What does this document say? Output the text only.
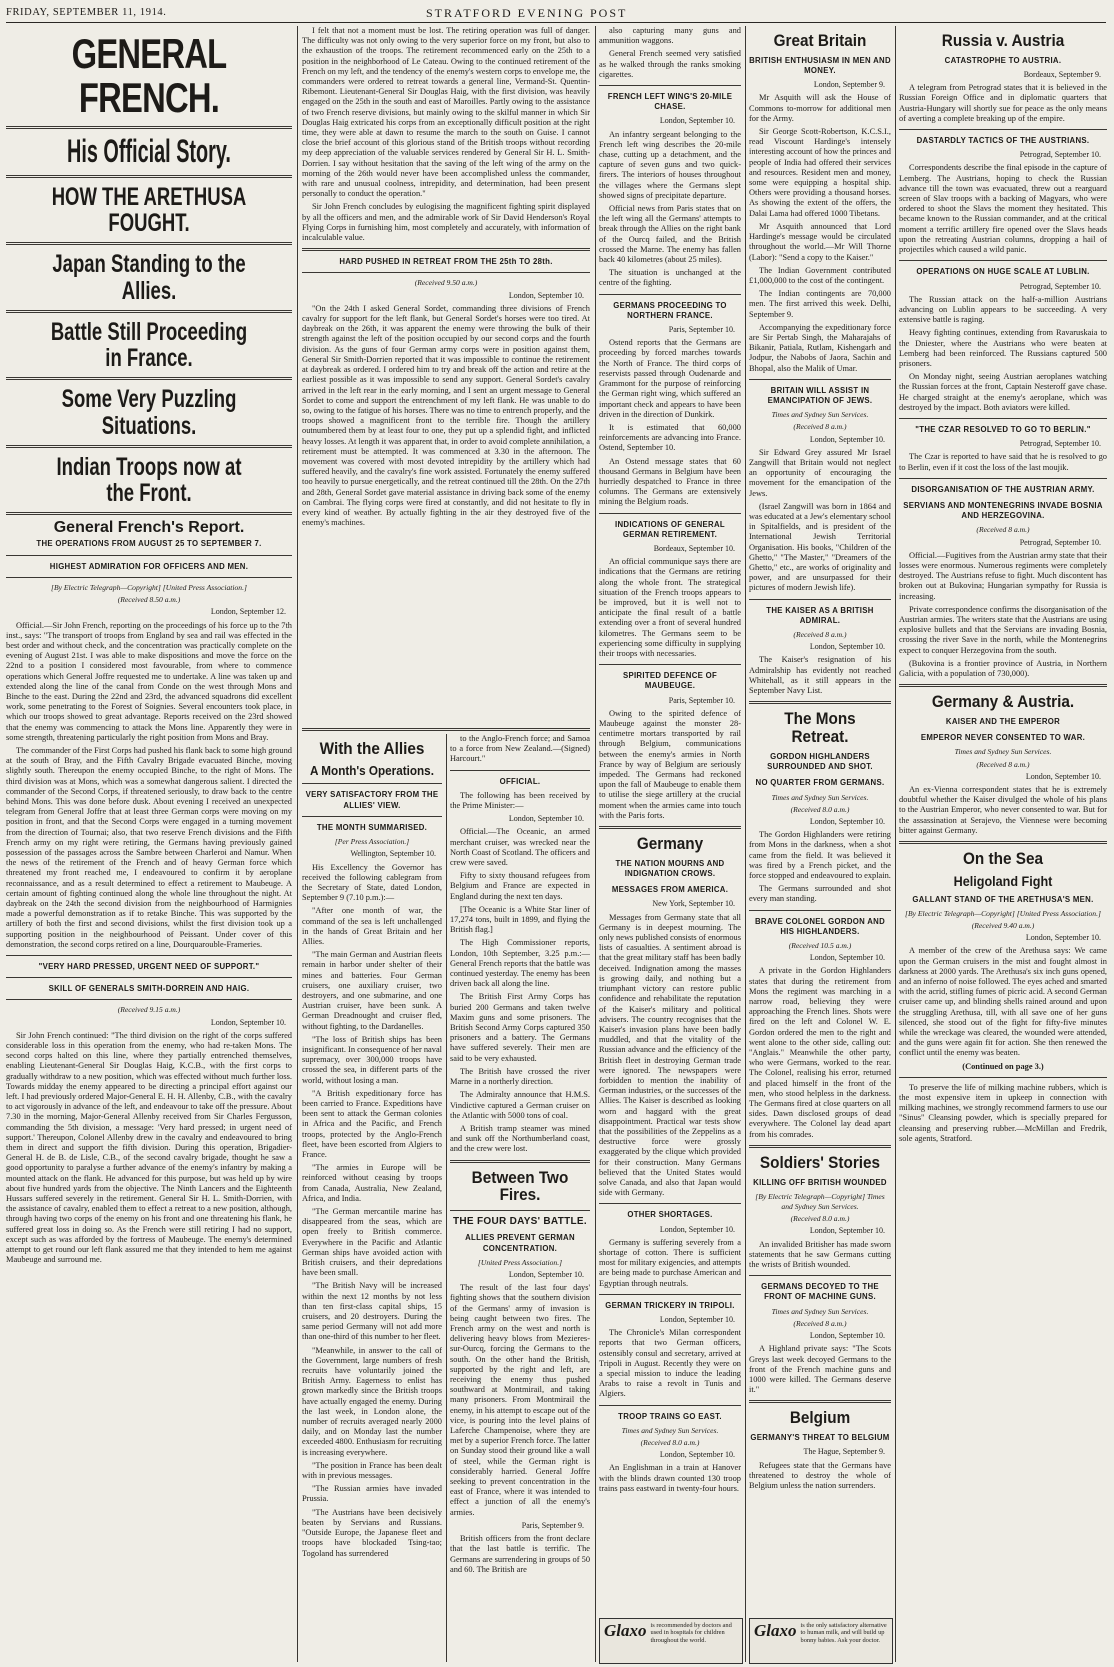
FRIDAY, SEPTEMBER 11, 1914.	STRATFORD EVENING POST
GENERAL FRENCH.
His Official Story.
HOW THE ARETHUSA FOUGHT.
Japan Standing to the Allies.
Battle Still Proceeding in France.
Some Very Puzzling Situations.
Indian Troops now at the Front.
General French's Report.
THE OPERATIONS FROM AUGUST 25 TO SEPTEMBER 7.
HIGHEST ADMIRATION FOR OFFICERS AND MEN.
[By Electric Telegraph—Copyright] [United Press Association.]
(Received 8.50 a.m.)
London, September 12.

Official.—Sir John French, reporting on the proceedings of his force up to the 7th inst., says: "The transport of troops from England by sea and rail was effected in the best order and without check, and the concentration was practically complete on the evening of August 21st. I was able to make dispositions and move the force on the 22nd to a position I considered most favourable, from where to commence operations which General Joffre requested me to undertake. A line was taken up and extended along the line of the canal from Conde on the west through Mons and Binche to the east. During the 22nd and 23rd, the advanced squadrons did excellent work, some penetrating to the Forest of Soignies. Several encounters took place, in which our troops showed to great advantage. Reports received on the 23rd showed that the enemy was commencing to attack the Mons line. Apparently they were in some strength, threatening particularly the right position from Mons and Bray.

The commander of the First Corps had pushed his flank back to some high ground at the south of Bray, and the Fifth Cavalry Brigade evacuated Binche, moving slightly south. Thereupon the enemy occupied Binche, to the right of Mons. The third division was at Mons, which was a somewhat dangerous salient. I directed the commander of the Second Corps, if threatened seriously, to draw back to the centre behind Mons. This was done before dusk. About evening I received an unexpected telegram from General Joffre that at least three German corps were moving on my position in front, and that the Second Corps were engaged in a turning movement from the direction of Tournai; also, that two reserve French divisions and the Fifth French army on my right were retiring, the Germans having previously gained possession of the passages across the Sambre between Charleroi and Namur. When the news of the retirement of the French and of heavy German force which threatened my front reached me, I endeavoured to confirm it by aeroplane reconnaissance, and as a result determined to effect a retirement to Maubeuge. A certain amount of fighting continued along the whole line throughout the night. At daybreak on the 24th the second division from the neighbourhood of Harmignies made a powerful demonstration as if to retake Binche. This was supported by the artillery of both the first and second divisions, whilst the first division took up a supporting position in the neighbourhood of Peissant. Under cover of this demonstration, the second corps retired on a line, Dourquarouble-Frameries.

"VERY HARD PRESSED, URGENT NEED OF SUPPORT."
SKILL OF GENERALS SMITH-DORREIN AND HAIG.
(Received 9.15 a.m.)
London, September 10.

Sir John French continued: "The third division on the right of the corps suffered considerable loss in this operation from the enemy, who had re-taken Mons. The second corps halted on this line, where they partially entrenched themselves, enabling Lieutenant-General Sir Douglas Haig, K.C.B., with the first corps to gradually withdraw to a new position, which was effected without much further loss. Towards midday the enemy appeared to be directing a principal effort against our left. I had previously ordered Major-General E. H. H. Allenby, C.B., with the cavalry to act vigorously in advance of the left, and endeavour to take off the pressure. About 7.30 in the morning, Major-General Allenby received from Sir Charles Fergusson, commanding the 5th division, a message: 'Very hard pressed; in urgent need of support.' Thereupon, Colonel Allenby drew in the cavalry and endeavoured to bring them in direct and support the fifth division. During this operation, Brigadier-General H. de B. de Lisle, C.B., of the second cavalry brigade, thought he saw a good opportunity to paralyse a further advance of the enemy's infantry by making a mounted attack on the flank. He advanced for this purpose, but was held up by wire about five hundred yards from the objective. The Ninth Lancers and the Eighteenth Hussars suffered severely in the retirement. General Sir H. L. Smith-Dorrien, with the assistance of cavalry, enabled them to effect a retreat to a new position, although, through having two corps of the enemy on his front and one threatening his flank, he suffered great loss in doing so. As the French were still retiring I had no support, except such as was afforded by the fortress of Maubeuge. The enemy's determined attempt to get round our left flank assured me that they intended to hem me against Maubeuge and surround me.

I felt that not a moment must be lost. The retiring operation was full of danger. The difficulty was not only owing to the very superior force on my front, but also to the exhaustion of the troops. The retirement recommenced early on the 25th to a position in the neighborhood of Le Cateau. Owing to the continued retirement of the French on my left, and the tendency of the enemy's western corps to envelope me, the commanders were ordered to retreat towards a general line, Vermand-St. Quentin-Ribemont. Lieutenant-General Sir Douglas Haig, with the first division, was heavily engaged on the 25th in the south and east of Maroilles. Partly owing to the assistance of two French reserve divisions, but mainly owing to the skilful manner in which Sir Douglas Haig extricated his corps from an exceptionally difficult position at the right time, they were able at dawn to resume the march to the south on Guise. I cannot close the brief account of this glorious stand of the British troops without recording my deep appreciation of the valuable services rendered by General Sir H. L. Smith-Dorrien. I say without hesitation that the saving of the left wing of the army on the morning of the 26th would never have been accomplished unless the commander, with rare and unusual coolness, intrepidity, and determination, had been present personally to conduct the operation."

Sir John French concludes by eulogising the magnificent fighting spirit displayed by all the officers and men, and the admirable work of Sir David Henderson's Royal Flying Corps in furnishing him, most completely and accurately, with information of incalculable value.

HARD PUSHED IN RETREAT FROM THE 25th TO 28th.
(Received 9.50 a.m.)
London, September 10.

"On the 24th I asked General Sordet, commanding three divisions of French cavalry for support for the left flank, but General Sordet's horses were too tired. At daybreak on the 26th, it was apparent the enemy were throwing the bulk of their strength against the left of the position occupied by our second corps and the fourth division. As the guns of four German army corps were in position against them, General Sir Smith-Dorrien reported that it was impossible to continue the retirement at daybreak as ordered. I ordered him to try and break off the action and retire at the earliest possible as it was impossible to send any support. General Sordet's cavalry arrived in the left rear in the early morning, and I sent an urgent message to General Sordet to come and support the entrenchment of my left flank. He was unable to do so, owing to the fatigue of his horses. There was no time to entrench properly, and the troops showed a magnificent front to the terrible fire. Though the artillery outnumbered them by at least four to one, they put up a splendid fight, and inflicted heavy losses. At length it was apparent that, in order to avoid complete annihilation, a retirement must be attempted. It was commenced at 3.30 in the afternoon. The movement was covered with most devoted intrepidity by the artillery which had suffered heavily, and the cavalry's fine work assisted. Fortunately the enemy suffered too heavily to pursue energetically, and the retreat continued till the 28th. On the 27th and 28th, General Sordet gave material assistance in driving back some of the enemy on Cambrai. The flying corps were fired at constantly, and did not hesitate to fly in every kind of weather. By actually fighting in the air they destroyed five of the enemy's machines.

With the Allies
A Month's Operations.
VERY SATISFACTORY FROM THE ALLIES' VIEW.
THE MONTH SUMMARISED.
[Per Press Association.]
Wellington, September 10.

His Excellency the Governor has received the following cablegram from the Secretary of State, dated London, September 9 (7.10 p.m.):—

"After one month of war, the command of the sea is left unchallenged in the hands of Great Britain and her Allies.

"The main German and Austrian fleets remain in harbor under shelter of their mines and batteries. Four German cruisers, one auxiliary cruiser, two destroyers, and one submarine, and one Austrian cruiser, have been sunk. A German Dreadnought and cruiser fled, without fighting, to the Dardanelles.

"The loss of British ships has been insignificant. In consequence of her naval supremacy, over 300,000 troops have crossed the sea, in different parts of the world, without losing a man.

"A British expeditionary force has been carried to France. Expeditions have been sent to attack the German colonies in Africa and the Pacific, and French troops, protected by the Anglo-French fleet, have been escorted from Algiers to France.

"The armies in Europe will be reinforced without ceasing by troops from Canada, Australia, New Zealand, Africa, and India.

"The German mercantile marine has disappeared from the seas, which are open freely to British commerce. Everywhere in the Pacific and Atlantic German ships have avoided action with British cruisers, and their depredations have been small.

"The British Navy will be increased within the next 12 months by not less than ten first-class capital ships, 15 cruisers, and 20 destroyers. During the same period Germany will not add more than one-third of this number to her fleet.

"Meanwhile, in answer to the call of the Government, large numbers of fresh recruits have voluntarily joined the British Army. Eagerness to enlist has grown markedly since the British troops have actually engaged the enemy. During the last week, in London alone, the number of recruits averaged nearly 2000 daily, and on Monday last the number exceeded 4800. Enthusiasm for recruiting is increasing everywhere.

"The position in France has been dealt with in previous messages.

"The Russian armies have invaded Prussia.

"The Austrians have been decisively beaten by Servians and Russians. "Outside Europe, the Japanese fleet and troops have blockaded Tsing-tao; Togoland has surrendered

to the Anglo-French force; and Samoa to a force from New Zealand.—(Signed) Harcourt."

OFFICIAL.

The following has been received by the Prime Minister:—

London, September 10.

Official.—The Oceanic, an armed merchant cruiser, was wrecked near the North Coast of Scotland. The officers and crew were saved.

Fifty to sixty thousand refugees from Belgium and France are expected in England during the next ten days.

[The Oceanic is a White Star liner of 17,274 tons, built in 1899, and flying the British flag.]

The High Commissioner reports, London, 10th September, 3.25 p.m.:— General French reports that the battle was continued yesterday. The enemy has been driven back all along the line.

The British First Army Corps has buried 200 Germans and taken twelve Maxim guns and some prisoners. The British Second Army Corps captured 350 prisoners and a battery. The Germans have suffered severely. Their men are said to be very exhausted.

The British have crossed the river Marne in a northerly direction.

The Admiralty announce that H.M.S. Vindictive captured a German cruiser on the Atlantic with 5000 tons of coal.

A British tramp steamer was mined and sunk off the Northumberland coast, and the crew were lost.

Between Two Fires.
THE FOUR DAYS' BATTLE.
ALLIES PREVENT GERMAN CONCENTRATION.
[United Press Association.]
London, September 10.

The result of the last four days' fighting shows that the southern division of the Germans' army of invasion is being caught between two fires. The French army on the west and north is delivering heavy blows from Mezieres-sur-Ourcq, forcing the Germans to the south. On the other hand the British, supported by the right and left, are receiving the enemy thus pushed southward at Montmirail, and taking many prisoners. From Montmirail the enemy, in his attempt to escape out of the vice, is pouring into the level plains of Laferche Champenoise, where they are met by a superior French force. The latter on Sunday stood their ground like a wall of steel, while the German right is considerably harried. General Joffre seeking to prevent concentration in the east of France, where it was intended to effect a junction of all the enemy's armies.

Paris, September 9.

British officers from the front declare that the last battle is terrific. The Germans are surrendering in groups of 50 and 60. The British are

also capturing many guns and ammunition waggons.

General French seemed very satisfied as he walked through the ranks smoking cigarettes.

FRENCH LEFT WING'S 20-MILE CHASE.
London, September 10.

An infantry sergeant belonging to the French left wing describes the 20-mile chase, cutting up a detachment, and the capture of seven guns and two quick-firers. The interiors of houses throughout the villages where the Germans slept showed signs of precipitate departure.

Official news from Paris states that on the left wing all the Germans' attempts to break through the Allies on the right bank of the Ourcq failed, and the British crossed the Marne. The enemy has fallen back 40 kilometres (about 25 miles).

The situation is unchanged at the centre of the fighting.

GERMANS PROCEEDING TO NORTHERN FRANCE.
Paris, September 10.

Ostend reports that the Germans are proceeding by forced marches towards the North of France. The third corps of reservists passed through Oudenarde and Grammont for the purpose of reinforcing the German right wing, which suffered an important check and appears to have been driven in the direction of Dunkirk.

It is estimated that 60,000 reinforcements are advancing into France. Ostend, September 10.

An Ostend message states that 60 thousand Germans in Belgium have been hurriedly despatched to France in three columns. The Germans are extensively mining the Belgium roads.

INDICATIONS OF GENERAL GERMAN RETIREMENT.
Bordeaux, September 10.

An official communique says there are indications that the Germans are retiring along the whole front. The strategical situation of the French troops appears to be improved, but it is well not to anticipate the final result of a battle extending over a front of several hundred kilometres. The Germans seem to be experiencing some difficulty in supplying their troops with necessaries.

SPIRITED DEFENCE OF MAUBEUGE.
Paris, September 10.

Owing to the spirited defence of Maubeuge against the monster 28-centimetre mortars transported by rail through Belgium, communications between the enemy's armies in North France by way of Belgium are seriously impeded. The Germans had reckoned upon the fall of Maubeuge to enable them to utilise the siege artillery at the crucial moment when the armies came into touch with the Paris forts.

Germany
THE NATION MOURNS AND INDIGNATION CROWS.
MESSAGES FROM AMERICA.
New York, September 10.

Messages from Germany state that all Germany is in deepest mourning. The only news published consists of enormous lists of casualties. A sentiment abroad is that the great military staff has been badly deceived. Indignation among the masses is growing daily, and nothing but a triumphant victory can restore public confidence and rehabilitate the reputation of the Kaiser's military and political advisers. The country recognises that the Kaiser's invasion plans have been badly muddled, and that the vitality of the Russian advance and the efficiency of the British fleet in destroying German trade were ignored. The newspapers were forbidden to mention the inability of German industries, or the successes of the Allies. The Kaiser is described as looking worn and haggard with the great disappointment. Practical war tests show that the possibilities of the Zeppelins as a destructive force were grossly exaggerated by the clique which provided for their construction. Many Germans believed that the United States would solve Canada, and also that Japan would side with Germany.

OTHER SHORTAGES.
London, September 10.

Germany is suffering severely from a shortage of cotton. There is sufficient most for military exigencies, and attempts are being made to purchase American and Egyptian through neutrals.

GERMAN TRICKERY IN TRIPOLI.
London, September 10.

The Chronicle's Milan correspondent reports that two German officers, ostensibly consul and secretary, arrived at Tripoli in August. Recently they were on a special mission to induce the leading Arabs to raise a revolt in Tunis and Algiers.

TROOP TRAINS GO EAST.
Times and Sydney Sun Services.
(Received 8.0 a.m.)
London, September 10.

An Englishman in a train at Hanover with the blinds drawn counted 130 troop trains pass eastward in twenty-four hours.

Great Britain
BRITISH ENTHUSIASM IN MEN AND MONEY.
London, September 9.

Mr Asquith will ask the House of Commons to-morrow for additional men for the Army.

Sir George Scott-Robertson, K.C.S.I., read Viscount Hardinge's intensely interesting account of how the princes and people of India had offered their services and resources. Resident men and money, some were equipping a hospital ship. Others were providing a thousand horses. As showing the extent of the offers, the Dalai Lama had offered 1000 Tibetans.

Mr Asquith announced that Lord Hardinge's message would be circulated throughout the world.—Mr Will Thorne (Labor): "Send a copy to the Kaiser."

The Indian Government contributed £1,000,000 to the cost of the contingent.

The Indian contingents are 70,000 men. The first arrived this week. Delhi, September 9.

Accompanying the expeditionary force are Sir Pertab Singh, the Maharajahs of Bikanir, Patiala, Rutlam, Kishengarh and Jodpur, the Nabobs of Jaora, Sachin and Bhopal, also the Malik of Umar.

BRITAIN WILL ASSIST IN EMANCIPATION OF JEWS.
Times and Sydney Sun Services.
(Received 8 a.m.)
London, September 10.

Sir Edward Grey assured Mr Israel Zangwill that Britain would not neglect an opportunity of encouraging the movement for the emancipation of the Jews.

(Israel Zangwill was born in 1864 and was educated at a Jew's elementary school in Spitalfields, and is president of the International Jewish Territorial Organisation. His books, "Children of the Ghetto," "The Master," "Dreamers of the Ghetto," etc., are works of originality and power, and are unsurpassed for their pictures of modern Jewish life).

THE KAISER AS A BRITISH ADMIRAL.
(Received 8 a.m.)
London, September 10.

The Kaiser's resignation of his Admiralship has evidently not reached Whitehall, as it still appears in the September Navy List.

The Mons Retreat.
GORDON HIGHLANDERS SURROUNDED AND SHOT.
NO QUARTER FROM GERMANS.
Times and Sydney Sun Services.
(Received 8.0 a.m.)
London, September 10.

The Gordon Highlanders were retiring from Mons in the darkness, when a shot came from the field. It was believed it was fired by a French picket, and the force stopped and endeavoured to explain.

The Germans surrounded and shot every man standing.

BRAVE COLONEL GORDON AND HIS HIGHLANDERS.
(Received 10.5 a.m.)
London, September 10.

A private in the Gordon Highlanders states that during the retirement from Mons the regiment was marching in a narrow road, believing they were approaching the French lines. Shots were fired on the left and Colonel W. E. Gordon ordered the men to the right and went alone to the other side, calling out: "Anglais." Meanwhile the other party, who were Germans, worked to the rear. The Colonel, realising his error, returned and placed himself in the front of the men, who stood helpless in the darkness. The Germans fired at close quarters on all sides. Dawn disclosed groups of dead everywhere. The Colonel lay dead apart from his comrades.

Soldiers' Stories
KILLING OFF BRITISH WOUNDED
[By Electric Telegraph—Copyright] Times and Sydney Sun Services.
(Received 8.0 a.m.)
London, September 10.

An invalided Britisher has made sworn statements that he saw Germans cutting the wrists of British wounded.

GERMANS DECOYED TO THE FRONT OF MACHINE GUNS.
Times and Sydney Sun Services.
(Received 8 a.m.)
London, September 10.

A Highland private says: "The Scots Greys last week decoyed Germans to the front of the French machine guns and 1000 were killed. The Germans deserve it."

Belgium
GERMANY'S THREAT TO BELGIUM
The Hague, September 9.

Refugees state that the Germans have threatened to destroy the whole of Belgium unless the nation surrenders.

Russia v. Austria
CATASTROPHE TO AUSTRIA.
Bordeaux, September 9.

A telegram from Petrograd states that it is believed in the Russian Foreign Office and in diplomatic quarters that Austria-Hungary will shortly sue for peace as the only means of averting a complete breaking up of the empire.

DASTARDLY TACTICS OF THE AUSTRIANS.
Petrograd, September 10.

Correspondents describe the final episode in the capture of Lemberg. The Austrians, hoping to check the Russian advance till the town was evacuated, threw out a rearguard screen of Slav troops with a backing of Magyars, who were ordered to shoot the Slavs the moment they hesitated. This became known to the Russian commander, and at the critical moment a terrific artillery fire opened over the Slavs heads upon the retreating Austrian columns, dropping a hail of projectiles which caused a wild panic.

OPERATIONS ON HUGE SCALE AT LUBLIN.
Petrograd, September 10.

The Russian attack on the half-a-million Austrians advancing on Lublin appears to be succeeding. A very extensive battle is raging.

Heavy fighting continues, extending from Ravaruskaia to the Dniester, where the Austrians who were beaten at Lemberg had been reinforced. The Russians captured 500 prisoners.

On Monday night, seeing Austrian aeroplanes watching the Russian forces at the front, Captain Nesteroff gave chase. He charged straight at the enemy's aeroplane, which was destroyed by the impact. Both aviators were killed.

"THE CZAR RESOLVED TO GO TO BERLIN."
Petrograd, September 10.

The Czar is reported to have said that he is resolved to go to Berlin, even if it cost the loss of the last moujik.

DISORGANISATION OF THE AUSTRIAN ARMY.
SERVIANS AND MONTENEGRINS INVADE BOSNIA AND HERZEGOVINA.
(Received 8 a.m.)
Petrograd, September 10.

Official.—Fugitives from the Austrian army state that their losses were enormous. Numerous regiments were completely destroyed. The Austrians refuse to fight. Much discontent has broken out at Bukovina; Hungarian sympathy for Russia is increasing.

Private correspondence confirms the disorganisation of the Austrian armies. The writers state that the Austrians are using explosive bullets and that the Servians are invading Bosnia, crossing the river Save in the north, while the Montenegrins expect to conquer Herzegovina from the south.

(Bukovina is a frontier province of Austria, in Northern Galicia, with a population of 730,000).

Germany & Austria.
KAISER AND THE EMPEROR
EMPEROR NEVER CONSENTED TO WAR.
Times and Sydney Sun Services.
(Received 8 a.m.)
London, September 10.

An ex-Vienna correspondent states that he is extremely doubtful whether the Kaiser divulged the whole of his plans to the Austrian Emperor, who never consented to war. But for the assassination at Serajevo, the Viennese were becoming bitter against Germany.

On the Sea
Heligoland Fight
GALLANT STAND OF THE ARETHUSA'S MEN.
[By Electric Telegraph—Copyright] [United Press Association.]
(Received 9.40 a.m.)
London, September 10.

A member of the crew of the Arethusa says: We came upon the German cruisers in the mist and fought almost in darkness at 2000 yards. The Arethusa's six inch guns opened, and an inferno of noise followed. The eyes ached and smarted with the acrid, stifling fumes of picric acid. A second German cruiser came up, and blinding shells rained around and upon the struggling Arethusa, till, with all save one of her guns silenced, she stood out of the fight for fifty-five minutes while the wreckage was cleared, the wounded were attended, and the guns were again fit for action. She then renewed the conflict until the enemy was beaten.

(Continued on page 3.)

To preserve the life of milking machine rubbers, which is the most expensive item in upkeep in connection with milking machines, we strongly recommend farmers to use our "Sinus" Cleansing powder, which is specially prepared for cleansing and preserving rubber.—McMillan and Fredrik, sole agents, Stratford.

Glaxo is recommended by doctors and used in hospitals for children throughout the world.
Glaxo is the only satisfactory alternative to human milk, and will build up bonny babies. Ask your doctor.
